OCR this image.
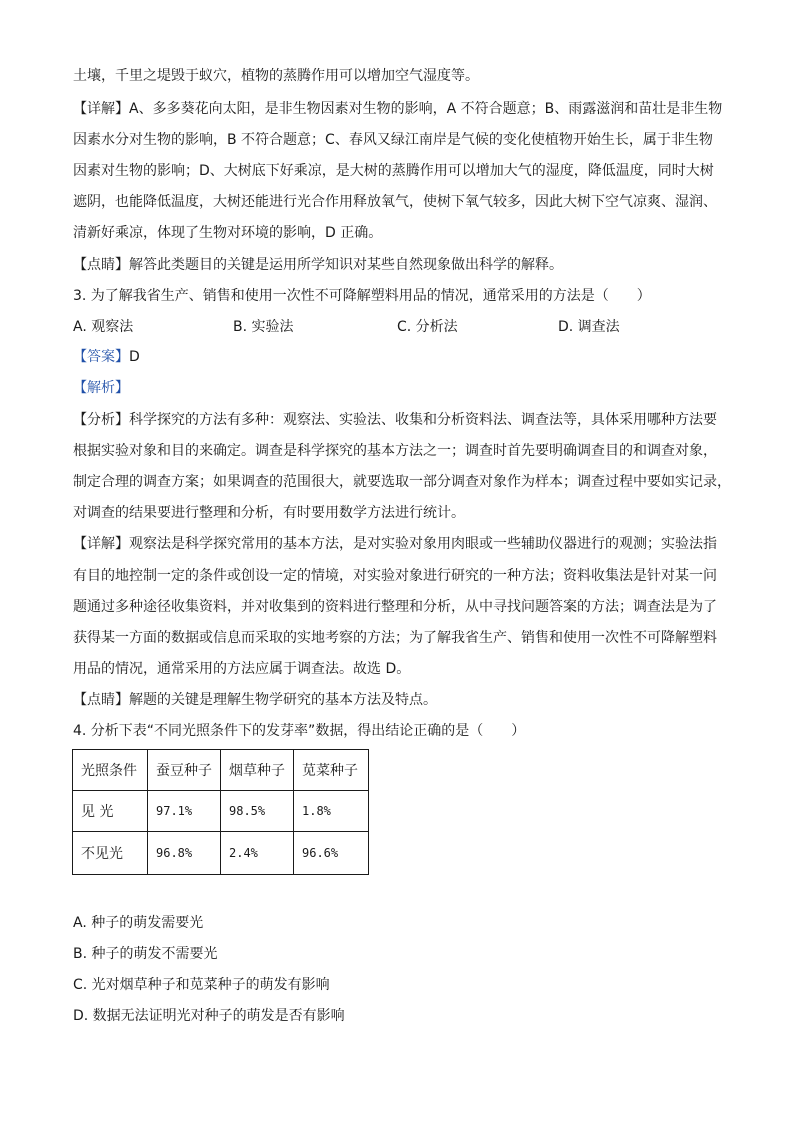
土壤，千里之堤毁于蚁穴，植物的蒸腾作用可以增加空气湿度等。
【详解】A、多多葵花向太阳，是非生物因素对生物的影响，A 不符合题意；B、雨露滋润和苗壮是非生物
因素水分对生物的影响，B 不符合题意；C、春风又绿江南岸是气候的变化使植物开始生长，属于非生物
因素对生物的影响；D、大树底下好乘凉，是大树的蒸腾作用可以增加大气的湿度，降低温度，同时大树
遮阴，也能降低温度，大树还能进行光合作用释放氧气，使树下氧气较多，因此大树下空气凉爽、湿润、
清新好乘凉，体现了生物对环境的影响，D 正确。
【点睛】解答此类题目的关键是运用所学知识对某些自然现象做出科学的解释。
3. 为了解我省生产、销售和使用一次性不可降解塑料用品的情况，通常采用的方法是（　　）
A. 观察法	B. 实验法	C. 分析法	D. 调查法
【答案】D
【解析】
【分析】科学探究的方法有多种：观察法、实验法、收集和分析资料法、调查法等，具体采用哪种方法要
根据实验对象和目的来确定。调查是科学探究的基本方法之一；调查时首先要明确调查目的和调查对象，
制定合理的调查方案；如果调查的范围很大，就要选取一部分调查对象作为样本；调查过程中要如实记录，
对调查的结果要进行整理和分析，有时要用数学方法进行统计。
【详解】观察法是科学探究常用的基本方法，是对实验对象用肉眼或一些辅助仪器进行的观测；实验法指
有目的地控制一定的条件或创设一定的情境，对实验对象进行研究的一种方法；资料收集法是针对某一问
题通过多种途径收集资料，并对收集到的资料进行整理和分析，从中寻找问题答案的方法；调查法是为了
获得某一方面的数据或信息而采取的实地考察的方法；为了解我省生产、销售和使用一次性不可降解塑料
用品的情况，通常采用的方法应属于调查法。故选 D。
【点睛】解题的关键是理解生物学研究的基本方法及特点。
4. 分析下表“不同光照条件下的发芽率”数据，得出结论正确的是（　　）
光照条件	蚕豆种子	烟草种子	苋菜种子
见 光	97.1%	98.5%	1.8%
不见光	96.8%	2.4%	96.6%
A. 种子的萌发需要光
B. 种子的萌发不需要光
C. 光对烟草种子和苋菜种子的萌发有影响
D. 数据无法证明光对种子的萌发是否有影响
